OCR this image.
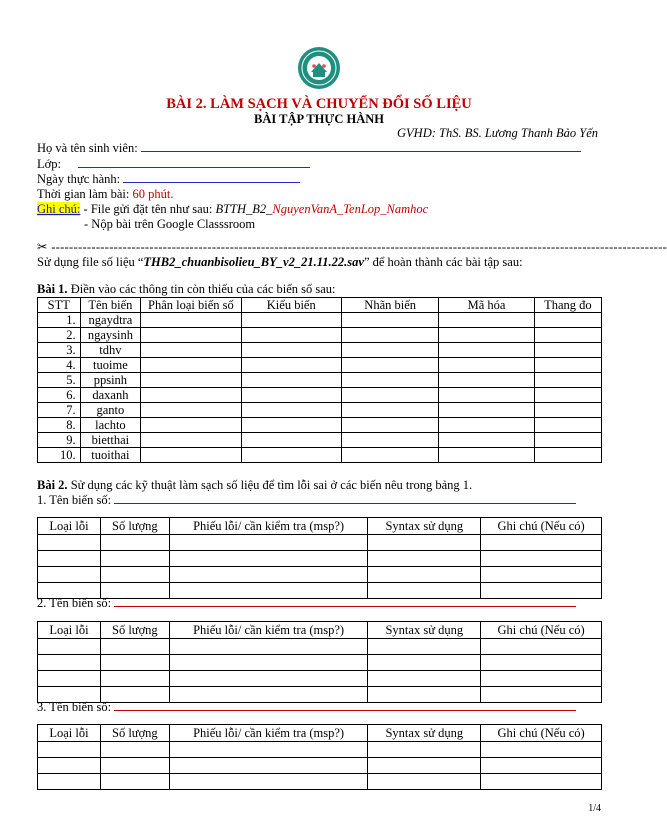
BÀI 2. LÀM SẠCH VÀ CHUYỂN ĐỔI SỐ LIỆU
BÀI TẬP THỰC HÀNH
GVHD: ThS. BS. Lương Thanh Bảo Yến
Họ và tên sinh viên:
Lớp:
Ngày thực hành:
Thời gian làm bài: 60 phút.
Ghi chú: - File gửi đặt tên như sau: BTTH_B2_NguyenVanA_TenLop_Namhoc
- Nộp bài trên Google Classsroom
✂ ------------------------------------------------------------------------------------------------------------------------------------------
Sử dụng file số liệu “THB2_chuanbisolieu_BY_v2_21.11.22.sav” để hoàn thành các bài tập sau:
Bài 1. Điền vào các thông tin còn thiếu của các biến số sau:
STT	Tên biến	Phân loại biến số	Kiểu biến	Nhãn biến	Mã hóa	Thang đo
1.	ngaydtra					
2.	ngaysinh					
3.	tdhv					
4.	tuoime					
5.	ppsinh					
6.	daxanh					
7.	ganto					
8.	lachto					
9.	bietthai					
10.	tuoithai					
Bài 2. Sử dụng các kỹ thuật làm sạch số liệu để tìm lỗi sai ở các biến nêu trong bảng 1.
1. Tên biến số:
Loại lỗi	Số lượng	Phiếu lỗi/ cần kiểm tra (msp?)	Syntax sử dụng	Ghi chú (Nếu có)

2. Tên biến số:
Loại lỗi	Số lượng	Phiếu lỗi/ cần kiểm tra (msp?)	Syntax sử dụng	Ghi chú (Nếu có)

3. Tên biến số:
Loại lỗi	Số lượng	Phiếu lỗi/ cần kiểm tra (msp?)	Syntax sử dụng	Ghi chú (Nếu có)

1/4
